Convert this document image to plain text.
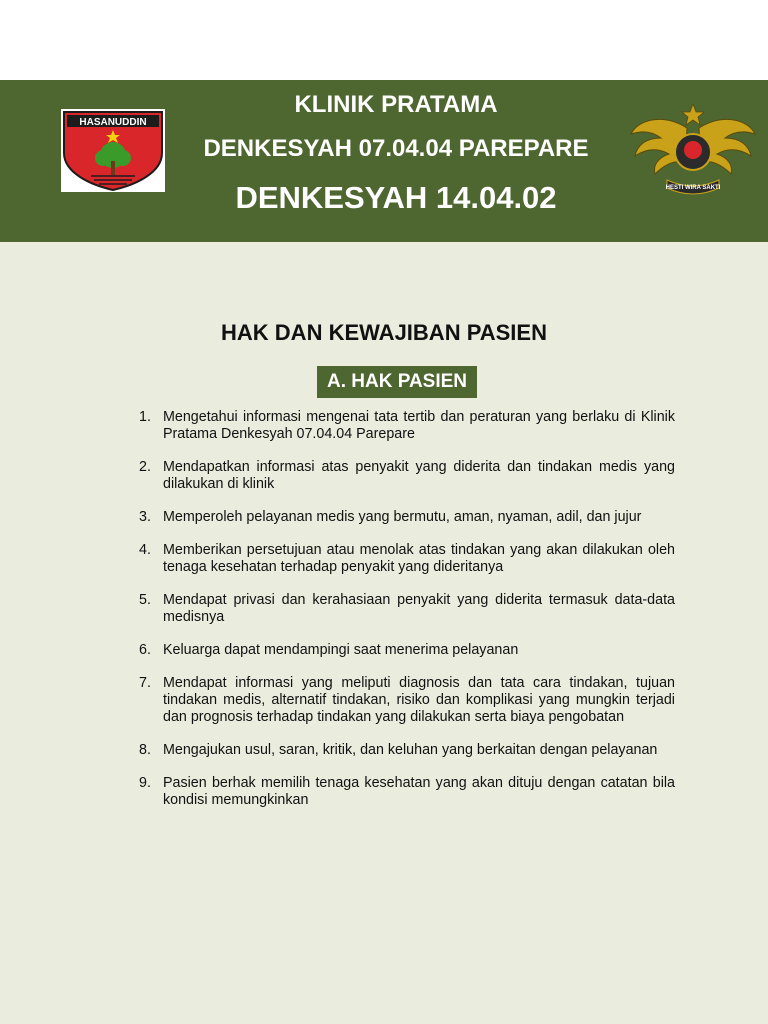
HASANUDDIN

KLINIK PRATAMA

DENKESYAH 07.04.04 PAREPARE

DENKESYAH 14.04.02	HESTI WIRA SAKTI
HAK DAN KEWAJIBAN PASIEN
A. HAK PASIEN
1. Mengetahui informasi mengenai tata tertib dan peraturan yang berlaku di Klinik Pratama Denkesyah 07.04.04 Parepare
2. Mendapatkan informasi atas penyakit yang diderita dan tindakan medis yang dilakukan di klinik
3. Memperoleh pelayanan medis yang bermutu, aman, nyaman, adil, dan jujur
4. Memberikan persetujuan atau menolak atas tindakan yang akan dilakukan oleh tenaga kesehatan terhadap penyakit yang dideritanya
5. Mendapat privasi dan kerahasiaan penyakit yang diderita termasuk data-data medisnya
6. Keluarga dapat mendampingi saat menerima pelayanan
7. Mendapat informasi yang meliputi diagnosis dan tata cara tindakan, tujuan tindakan medis, alternatif tindakan, risiko dan komplikasi yang mungkin terjadi dan prognosis terhadap tindakan yang dilakukan serta biaya pengobatan
8. Mengajukan usul, saran, kritik, dan keluhan yang berkaitan dengan pelayanan
9. Pasien berhak memilih tenaga kesehatan yang akan dituju dengan catatan bila kondisi memungkinkan
